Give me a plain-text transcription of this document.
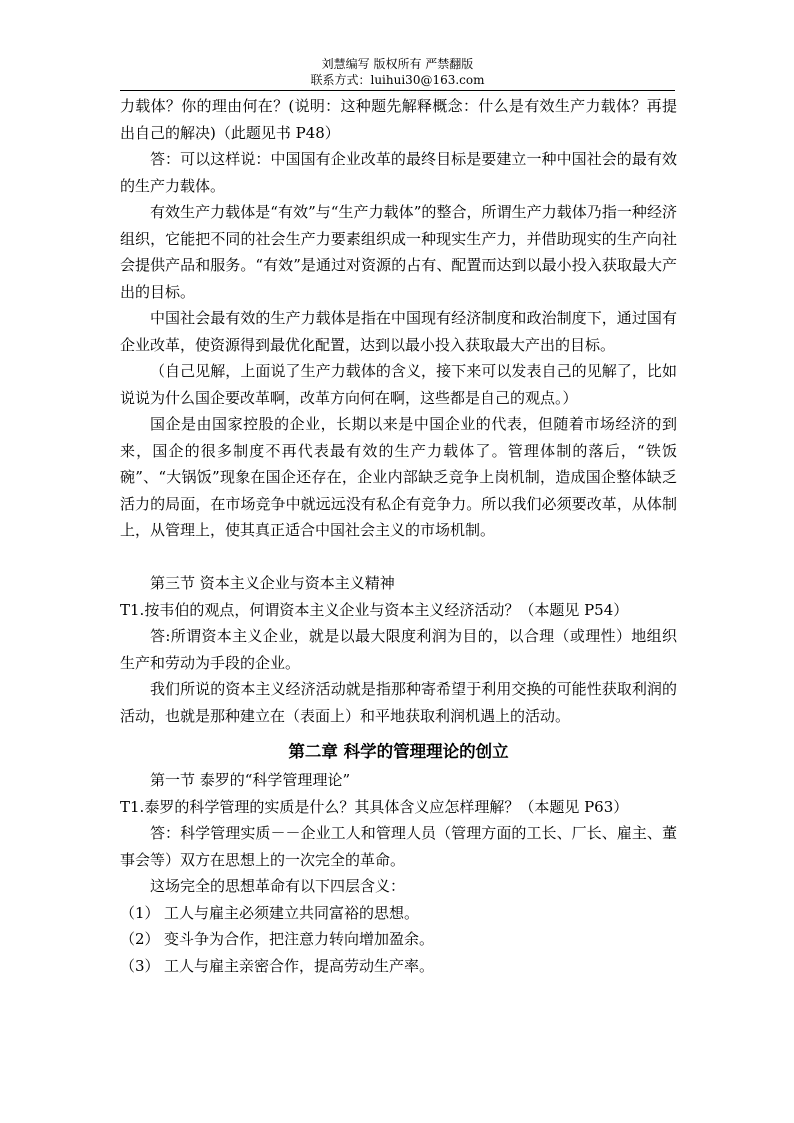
刘慧编写 版权所有 严禁翻版
联系方式：luihui30@163.com

力载体？你的理由何在？(说明：这种题先解释概念：什么是有效生产力载体？再提出自己的解决)（此题见书 P48）

答：可以这样说：中国国有企业改革的最终目标是要建立一种中国社会的最有效的生产力载体。

有效生产力载体是“有效”与“生产力载体”的整合，所谓生产力载体乃指一种经济组织，它能把不同的社会生产力要素组织成一种现实生产力，并借助现实的生产向社会提供产品和服务。“有效”是通过对资源的占有、配置而达到以最小投入获取最大产出的目标。

中国社会最有效的生产力载体是指在中国现有经济制度和政治制度下，通过国有企业改革，使资源得到最优化配置，达到以最小投入获取最大产出的目标。

（自己见解，上面说了生产力载体的含义，接下来可以发表自己的见解了，比如说说为什么国企要改革啊，改革方向何在啊，这些都是自己的观点。）

国企是由国家控股的企业，长期以来是中国企业的代表，但随着市场经济的到来，国企的很多制度不再代表最有效的生产力载体了。管理体制的落后，“铁饭碗”、“大锅饭”现象在国企还存在，企业内部缺乏竞争上岗机制，造成国企整体缺乏活力的局面，在市场竞争中就远远没有私企有竞争力。所以我们必须要改革，从体制上，从管理上，使其真正适合中国社会主义的市场机制。

第三节 资本主义企业与资本主义精神

T1.按韦伯的观点，何谓资本主义企业与资本主义经济活动？（本题见 P54）

答:所谓资本主义企业，就是以最大限度利润为目的，以合理（或理性）地组织生产和劳动为手段的企业。

我们所说的资本主义经济活动就是指那种寄希望于利用交换的可能性获取利润的活动，也就是那种建立在（表面上）和平地获取利润机遇上的活动。

第二章 科学的管理理论的创立

第一节 泰罗的“科学管理理论”

T1.泰罗的科学管理的实质是什么？其具体含义应怎样理解？（本题见 P63）

答：科学管理实质－－企业工人和管理人员（管理方面的工长、厂长、雇主、董事会等）双方在思想上的一次完全的革命。

这场完全的思想革命有以下四层含义：

（1） 工人与雇主必须建立共同富裕的思想。
（2） 变斗争为合作，把注意力转向增加盈余。
（3） 工人与雇主亲密合作，提高劳动生产率。
